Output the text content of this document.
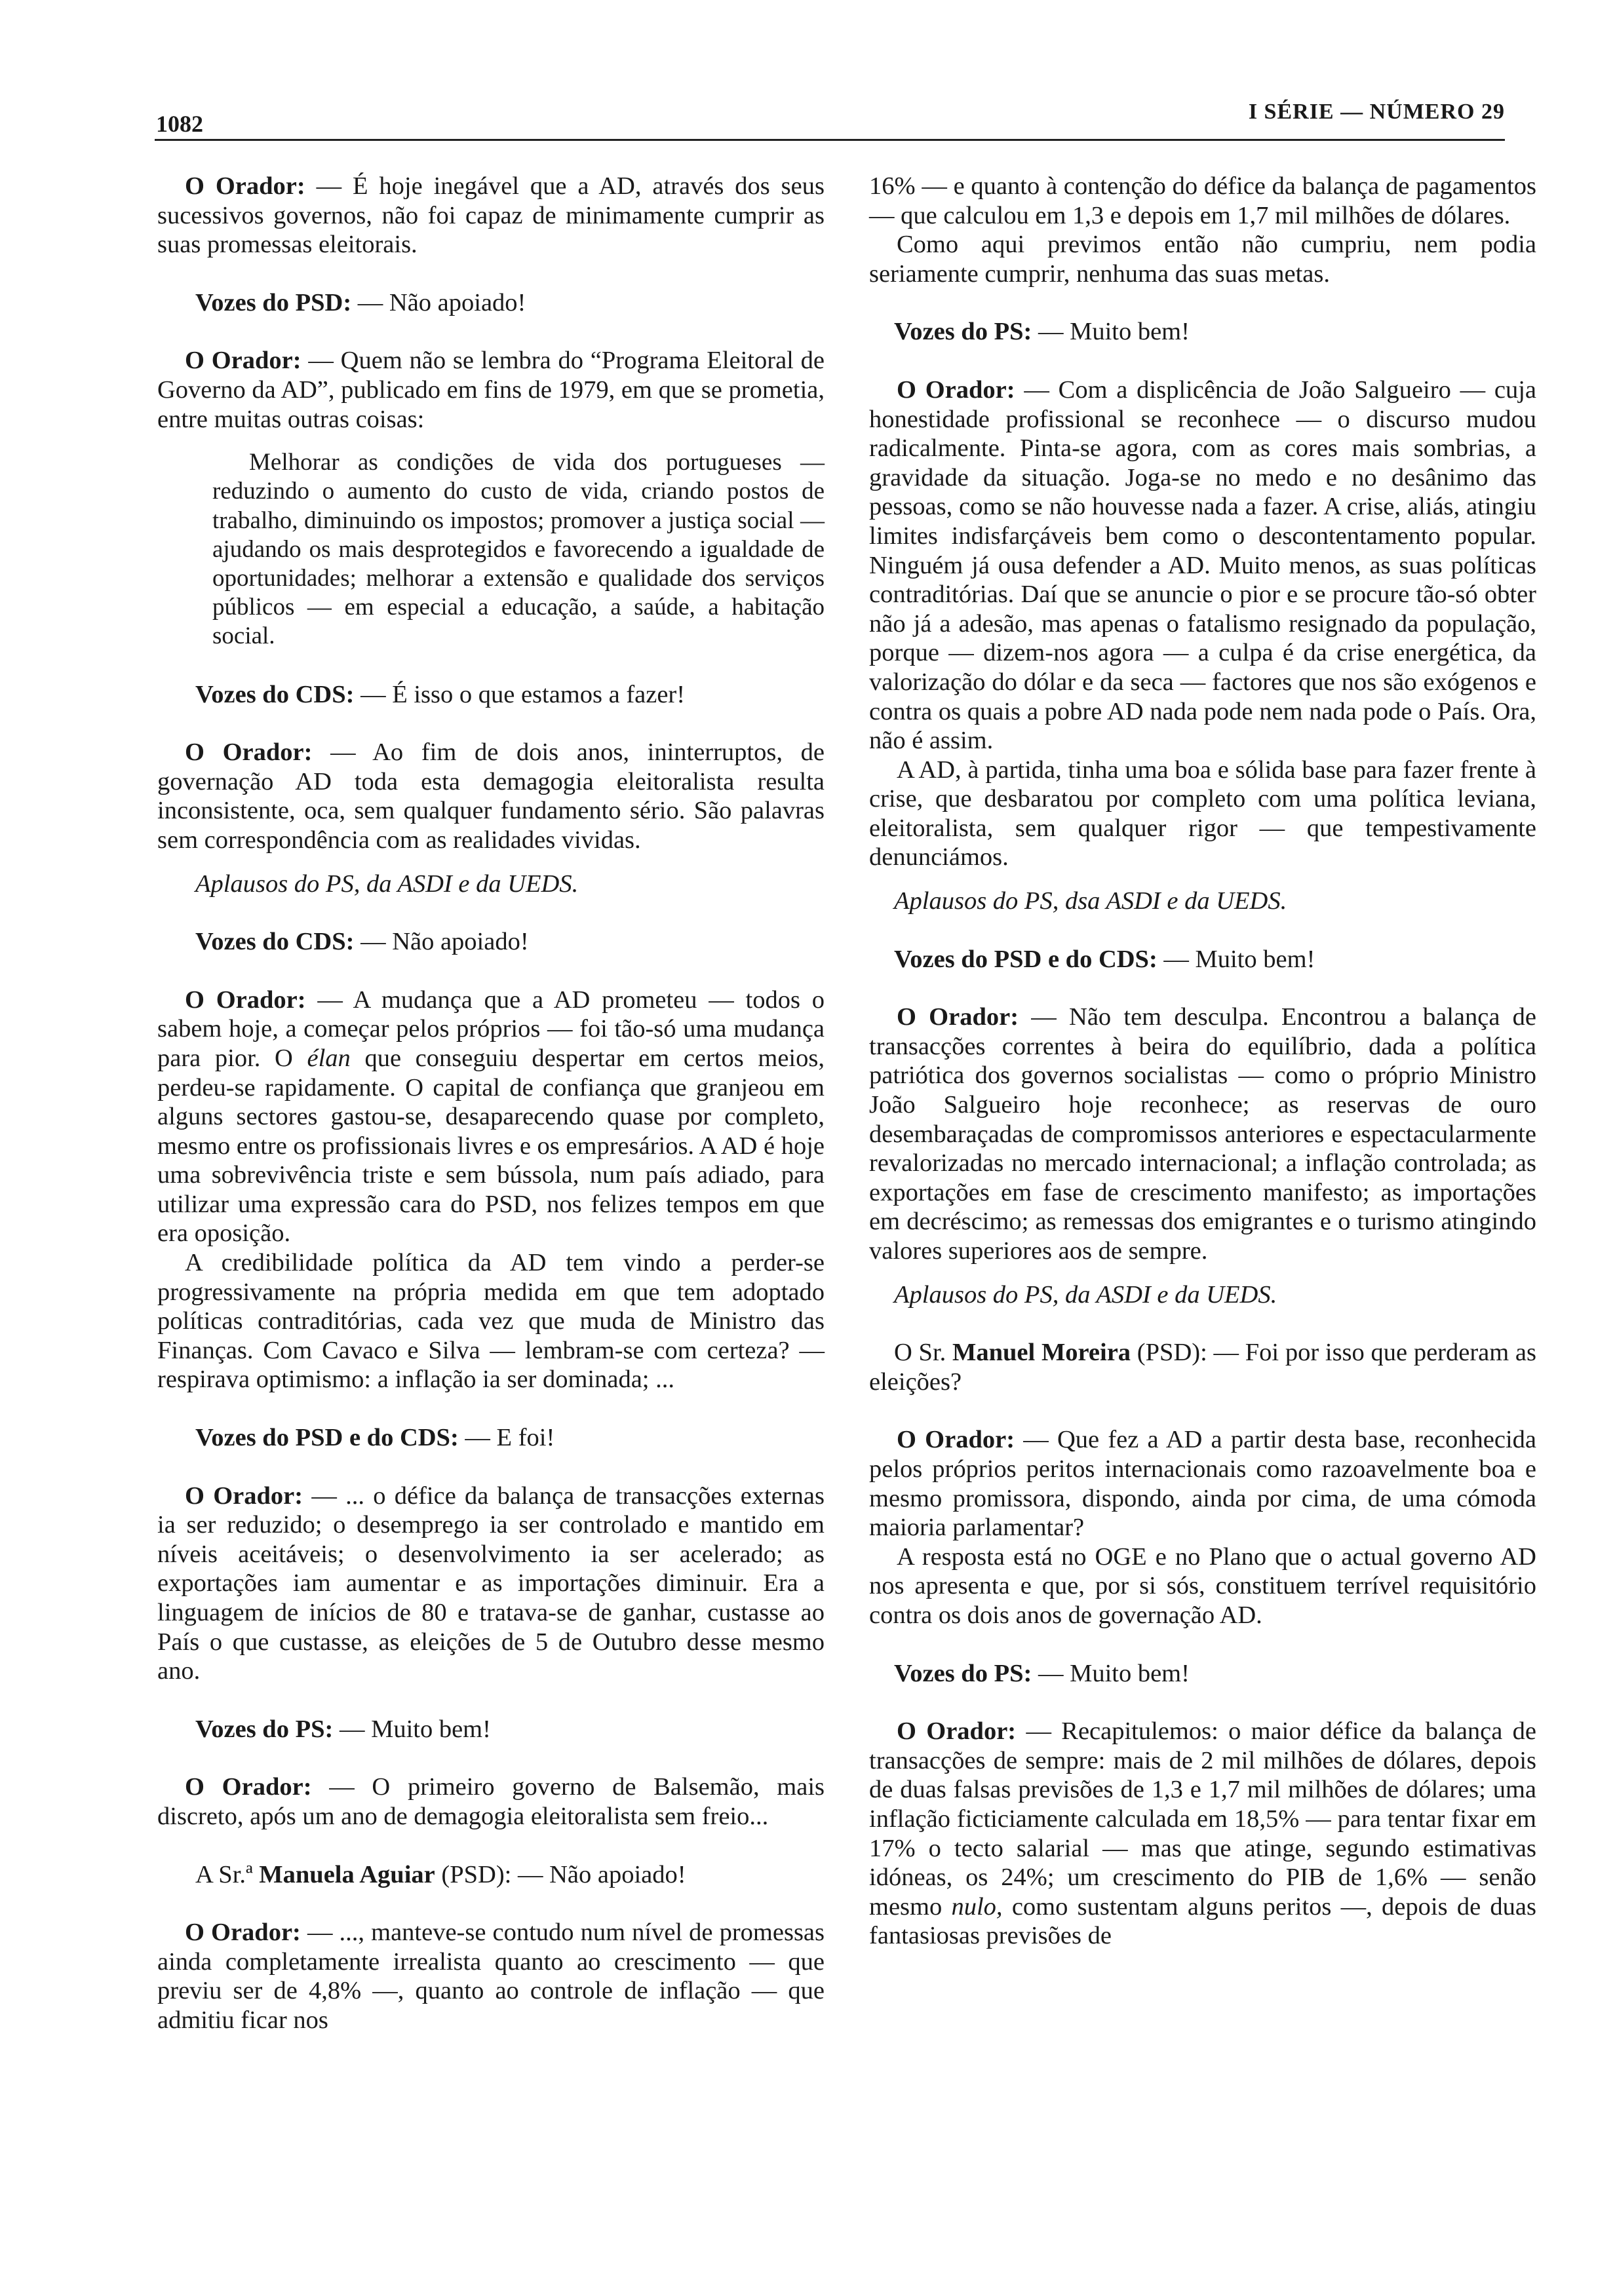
1082	I SÉRIE — NÚMERO 29

O Orador: — É hoje inegável que a AD, através dos seus sucessivos governos, não foi capaz de minimamente cumprir as suas promessas eleitorais.

Vozes do PSD: — Não apoiado!

O Orador: — Quem não se lembra do “Programa Eleitoral de Governo da AD”, publicado em fins de 1979, em que se prometia, entre muitas outras coisas:

Melhorar as condições de vida dos portugueses — reduzindo o aumento do custo de vida, criando postos de trabalho, diminuindo os impostos; promover a justiça social — ajudando os mais desprotegidos e favorecendo a igualdade de oportunidades; melhorar a extensão e qualidade dos serviços públicos — em especial a educação, a saúde, a habitação social.

Vozes do CDS: — É isso o que estamos a fazer!

O Orador: — Ao fim de dois anos, ininterruptos, de governação AD toda esta demagogia eleitoralista resulta inconsistente, oca, sem qualquer fundamento sério. São palavras sem correspondência com as realidades vividas.

Aplausos do PS, da ASDI e da UEDS.

Vozes do CDS: — Não apoiado!

O Orador: — A mudança que a AD prometeu — todos o sabem hoje, a começar pelos próprios — foi tão-só uma mudança para pior. O élan que conseguiu despertar em certos meios, perdeu-se rapidamente. O capital de confiança que granjeou em alguns sectores gastou-se, desaparecendo quase por completo, mesmo entre os profissionais livres e os empresários. A AD é hoje uma sobrevivência triste e sem bússola, num país adiado, para utilizar uma expressão cara do PSD, nos felizes tempos em que era oposição.

A credibilidade política da AD tem vindo a perder-se progressivamente na própria medida em que tem adoptado políticas contraditórias, cada vez que muda de Ministro das Finanças. Com Cavaco e Silva — lembram-se com certeza? — respirava optimismo: a inflação ia ser dominada; ...

Vozes do PSD e do CDS: — E foi!

O Orador: — ... o défice da balança de transacções externas ia ser reduzido; o desemprego ia ser controlado e mantido em níveis aceitáveis; o desenvolvimento ia ser acelerado; as exportações iam aumentar e as importações diminuir. Era a linguagem de inícios de 80 e tratava-se de ganhar, custasse ao País o que custasse, as eleições de 5 de Outubro desse mesmo ano.

Vozes do PS: — Muito bem!

O Orador: — O primeiro governo de Balsemão, mais discreto, após um ano de demagogia eleitoralista sem freio...

A Sr.ª Manuela Aguiar (PSD): — Não apoiado!

O Orador: — ..., manteve-se contudo num nível de promessas ainda completamente irrealista quanto ao crescimento — que previu ser de 4,8% —, quanto ao controle de inflação — que admitiu ficar nos

16% — e quanto à contenção do défice da balança de pagamentos — que calculou em 1,3 e depois em 1,7 mil milhões de dólares.

Como aqui previmos então não cumpriu, nem podia seriamente cumprir, nenhuma das suas metas.

Vozes do PS: — Muito bem!

O Orador: — Com a displicência de João Salgueiro — cuja honestidade profissional se reconhece — o discurso mudou radicalmente. Pinta-se agora, com as cores mais sombrias, a gravidade da situação. Joga-se no medo e no desânimo das pessoas, como se não houvesse nada a fazer. A crise, aliás, atingiu limites indisfarçáveis bem como o descontentamento popular. Ninguém já ousa defender a AD. Muito menos, as suas políticas contraditórias. Daí que se anuncie o pior e se procure tão-só obter não já a adesão, mas apenas o fatalismo resignado da população, porque — dizem-nos agora — a culpa é da crise energética, da valorização do dólar e da seca — factores que nos são exógenos e contra os quais a pobre AD nada pode nem nada pode o País. Ora, não é assim.

A AD, à partida, tinha uma boa e sólida base para fazer frente à crise, que desbaratou por completo com uma política leviana, eleitoralista, sem qualquer rigor — que tempestivamente denunciámos.

Aplausos do PS, dsa ASDI e da UEDS.

Vozes do PSD e do CDS: — Muito bem!

O Orador: — Não tem desculpa. Encontrou a balança de transacções correntes à beira do equilíbrio, dada a política patriótica dos governos socialistas — como o próprio Ministro João Salgueiro hoje reconhece; as reservas de ouro desembaraçadas de compromissos anteriores e espectacularmente revalorizadas no mercado internacional; a inflação controlada; as exportações em fase de crescimento manifesto; as importações em decréscimo; as remessas dos emigrantes e o turismo atingindo valores superiores aos de sempre.

Aplausos do PS, da ASDI e da UEDS.

O Sr. Manuel Moreira (PSD): — Foi por isso que perderam as eleições?

O Orador: — Que fez a AD a partir desta base, reconhecida pelos próprios peritos internacionais como razoavelmente boa e mesmo promissora, dispondo, ainda por cima, de uma cómoda maioria parlamentar?

A resposta está no OGE e no Plano que o actual governo AD nos apresenta e que, por si sós, constituem terrível requisitório contra os dois anos de governação AD.

Vozes do PS: — Muito bem!

O Orador: — Recapitulemos: o maior défice da balança de transacções de sempre: mais de 2 mil milhões de dólares, depois de duas falsas previsões de 1,3 e 1,7 mil milhões de dólares; uma inflação ficticiamente calculada em 18,5% — para tentar fixar em 17% o tecto salarial — mas que atinge, segundo estimativas idóneas, os 24%; um crescimento do PIB de 1,6% — senão mesmo nulo, como sustentam alguns peritos —, depois de duas fantasiosas previsões de
